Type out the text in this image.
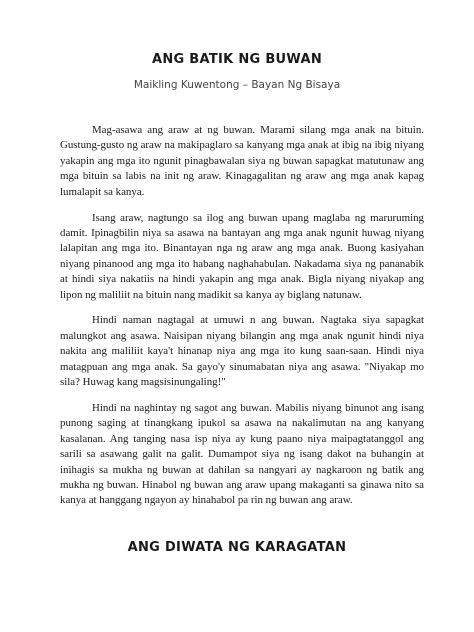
ANG BATIK NG BUWAN

Maikling Kuwentong – Bayan Ng Bisaya

Mag-asawa ang araw at ng buwan. Marami silang mga anak na bituin. Gustung-gusto ng araw na makipaglaro sa kanyang mga anak at ibig na ibig niyang yakapin ang mga ito ngunit pinagbawalan siya ng buwan sapagkat matutunaw ang mga bituin sa labis na init ng araw. Kinagagalitan ng araw ang mga anak kapag lumalapit sa kanya.

Isang araw, nagtungo sa ilog ang buwan upang maglaba ng maruruming damit. Ipinagbilin niya sa asawa na bantayan ang mga anak ngunit huwag niyang lalapitan ang mga ito. Binantayan nga ng araw ang mga anak. Buong kasiyahan niyang pinanood ang mga ito habang naghahabulan. Nakadama siya ng pananabik at hindi siya nakatiis na hindi yakapin ang mga anak. Bigla niyang niyakap ang lipon ng maliliit na bituin nang madikit sa kanya ay biglang natunaw.

Hindi naman nagtagal at umuwi n ang buwan. Nagtaka siya sapagkat malungkot ang asawa. Naisipan niyang bilangin ang mga anak ngunit hindi niya nakita ang maliliit kaya't hinanap niya ang mga ito kung saan-saan. Hindi niya matagpuan ang mga anak. Sa gayo'y sinumabatan niya ang asawa. "Niyakap mo sila? Huwag kang magsisinungaling!"

Hindi na naghintay ng sagot ang buwan. Mabilis niyang binunot ang isang punong saging at tinangkang ipukol sa asawa na nakalimutan na ang kanyang kasalanan. Ang tanging nasa isp niya ay kung paano niya maipagtatanggol ang sarili sa asawang galit na galit. Dumampot siya ng isang dakot na buhangin at inihagis sa mukha ng buwan at dahilan sa nangyari ay nagkaroon ng batik ang mukha ng buwan. Hinabol ng buwan ang araw upang makaganti sa ginawa nito sa kanya at hanggang ngayon ay hinahabol pa rin ng buwan ang araw.

ANG DIWATA NG KARAGATAN
